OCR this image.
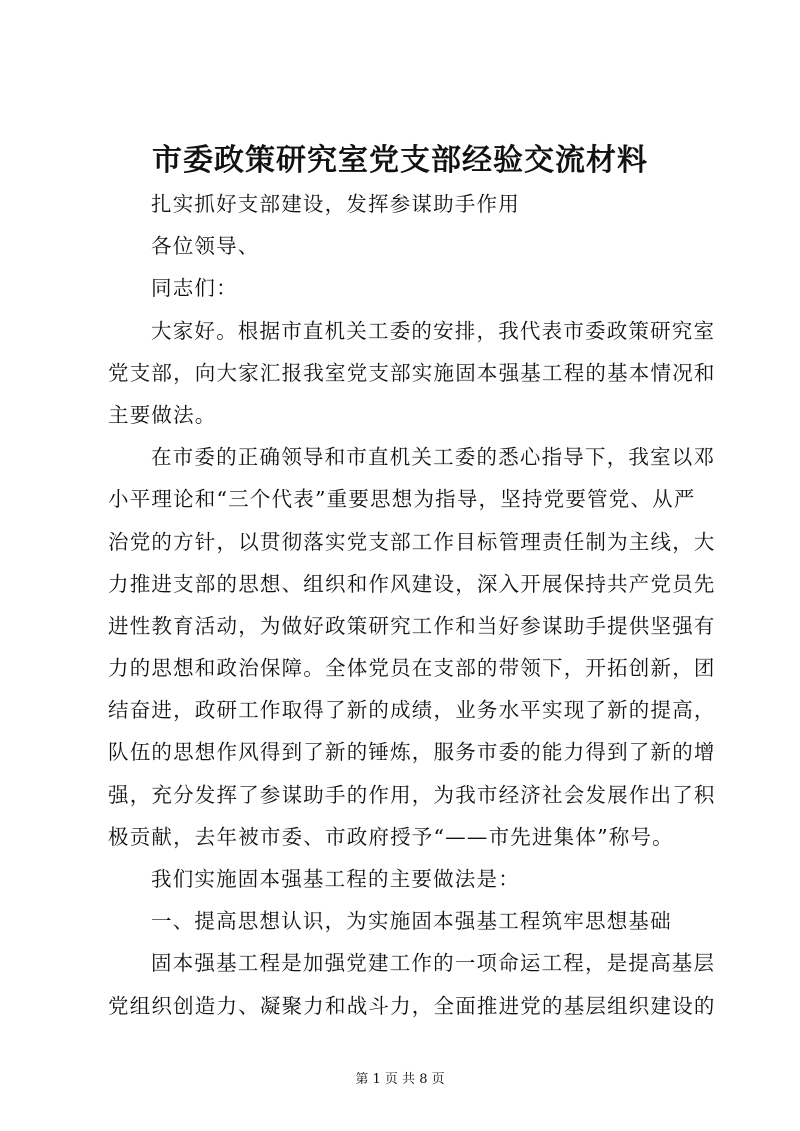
市委政策研究室党支部经验交流材料
扎实抓好支部建设，发挥参谋助手作用
各位领导、
同志们：
大家好。根据市直机关工委的安排，我代表市委政策研究室
党支部，向大家汇报我室党支部实施固本强基工程的基本情况和
主要做法。
在市委的正确领导和市直机关工委的悉心指导下，我室以邓
小平理论和“三个代表”重要思想为指导，坚持党要管党、从严
治党的方针，以贯彻落实党支部工作目标管理责任制为主线，大
力推进支部的思想、组织和作风建设，深入开展保持共产党员先
进性教育活动，为做好政策研究工作和当好参谋助手提供坚强有
力的思想和政治保障。全体党员在支部的带领下，开拓创新，团
结奋进，政研工作取得了新的成绩，业务水平实现了新的提高，
队伍的思想作风得到了新的锤炼，服务市委的能力得到了新的增
强，充分发挥了参谋助手的作用，为我市经济社会发展作出了积
极贡献，去年被市委、市政府授予“——市先进集体”称号。
我们实施固本强基工程的主要做法是：
一、提高思想认识，为实施固本强基工程筑牢思想基础
固本强基工程是加强党建工作的一项命运工程，是提高基层
党组织创造力、凝聚力和战斗力，全面推进党的基层组织建设的
第 1 页 共 8 页
